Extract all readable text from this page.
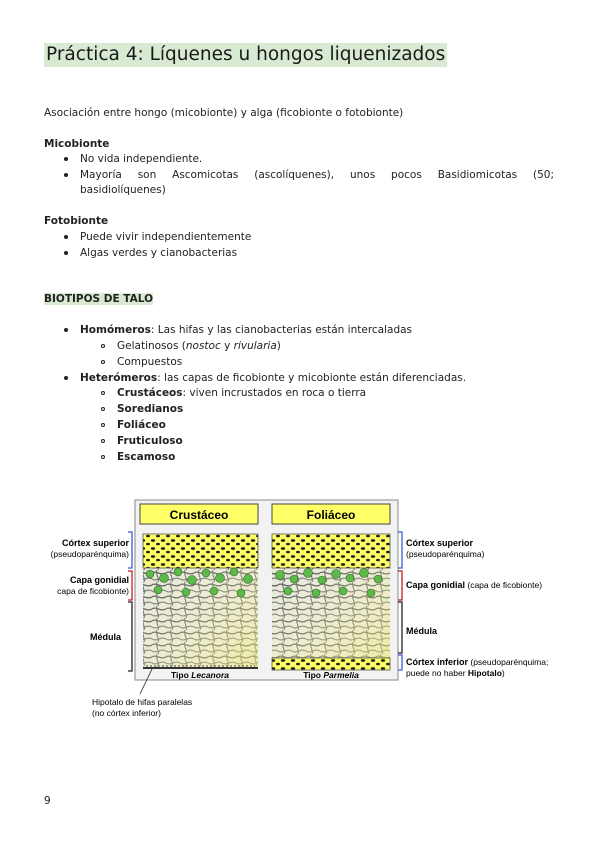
Práctica 4: Líquenes u hongos liquenizados
Asociación entre hongo (micobionte) y alga (ficobionte o fotobionte)
Micobionte
No vida independiente.
Mayoría son Ascomicotas (ascolíquenes), unos pocos Basidiomicotas (50;
basidiolíquenes)
Fotobionte
Puede vivir independientemente
Algas verdes y cianobacterias
BIOTIPOS DE TALO
Homómeros: Las hifas y las cianobacterias están intercaladas
Gelatinosos (nostoc y rivularia)
Compuestos
Heterómeros: las capas de ficobionte y micobionte están diferenciadas.
Crustáceos: viven incrustados en roca o tierra
Soredianos
Foliáceo
Fruticuloso
Escamoso
Crustáceo	Foliáceo
Tipo Lecanora	Tipo Parmelia
Córtex superior
(pseudoparénquima)
Capa gonidial
capa de ficobionte)
Médula
Hipotalo de hifas paralelas
(no córtex inferior)
Córtex superior
(pseudoparénquima)
Capa gonidial (capa de ficobionte)
Médula
Córtex inferior (pseudoparénquima;
puede no haber Hipotalo)
9
